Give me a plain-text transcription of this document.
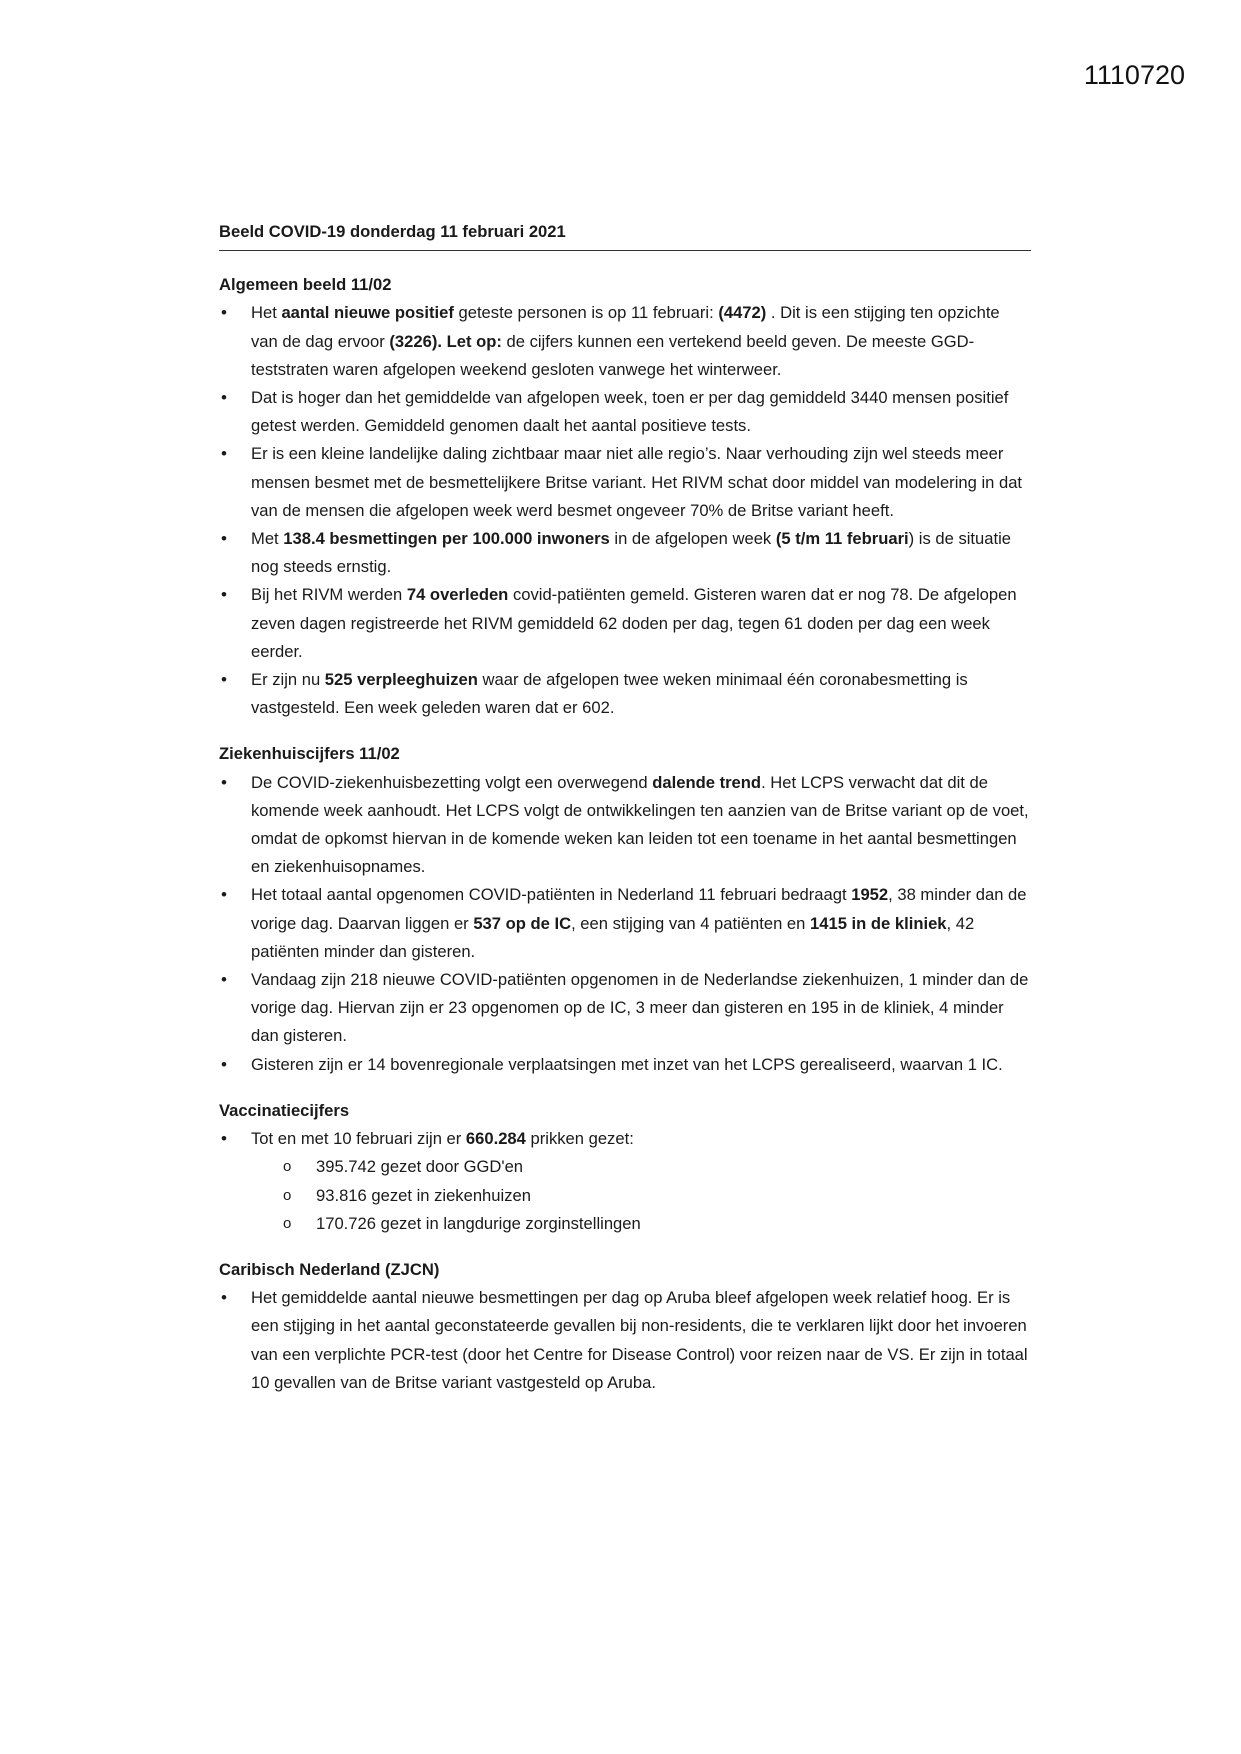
1110720
Beeld COVID-19 donderdag 11 februari 2021
Algemeen beeld 11/02
• Het aantal nieuwe positief geteste personen is op 11 februari: (4472) . Dit is een stijging ten opzichte van de dag ervoor (3226). Let op: de cijfers kunnen een vertekend beeld geven. De meeste GGD-teststraten waren afgelopen weekend gesloten vanwege het winterweer.
• Dat is hoger dan het gemiddelde van afgelopen week, toen er per dag gemiddeld 3440 mensen positief getest werden. Gemiddeld genomen daalt het aantal positieve tests.
• Er is een kleine landelijke daling zichtbaar maar niet alle regio’s. Naar verhouding zijn wel steeds meer mensen besmet met de besmettelijkere Britse variant. Het RIVM schat door middel van modelering in dat van de mensen die afgelopen week werd besmet ongeveer 70% de Britse variant heeft.
• Met 138.4 besmettingen per 100.000 inwoners in de afgelopen week (5 t/m 11 februari) is de situatie nog steeds ernstig.
• Bij het RIVM werden 74 overleden covid-patiënten gemeld. Gisteren waren dat er nog 78. De afgelopen zeven dagen registreerde het RIVM gemiddeld 62 doden per dag, tegen 61 doden per dag een week eerder.
• Er zijn nu 525 verpleeghuizen waar de afgelopen twee weken minimaal één coronabesmetting is vastgesteld. Een week geleden waren dat er 602.
Ziekenhuiscijfers 11/02
• De COVID-ziekenhuisbezetting volgt een overwegend dalende trend. Het LCPS verwacht dat dit de komende week aanhoudt. Het LCPS volgt de ontwikkelingen ten aanzien van de Britse variant op de voet, omdat de opkomst hiervan in de komende weken kan leiden tot een toename in het aantal besmettingen en ziekenhuisopnames.
• Het totaal aantal opgenomen COVID-patiënten in Nederland 11 februari bedraagt 1952, 38 minder dan de vorige dag. Daarvan liggen er 537 op de IC, een stijging van 4 patiënten en 1415 in de kliniek, 42 patiënten minder dan gisteren.
• Vandaag zijn 218 nieuwe COVID-patiënten opgenomen in de Nederlandse ziekenhuizen, 1 minder dan de vorige dag. Hiervan zijn er 23 opgenomen op de IC, 3 meer dan gisteren en 195 in de kliniek, 4 minder dan gisteren.
• Gisteren zijn er 14 bovenregionale verplaatsingen met inzet van het LCPS gerealiseerd, waarvan 1 IC.
Vaccinatiecijfers
• Tot en met 10 februari zijn er 660.284 prikken gezet:
o 395.742 gezet door GGD'en
o 93.816 gezet in ziekenhuizen
o 170.726 gezet in langdurige zorginstellingen
Caribisch Nederland (ZJCN)
• Het gemiddelde aantal nieuwe besmettingen per dag op Aruba bleef afgelopen week relatief hoog. Er is een stijging in het aantal geconstateerde gevallen bij non-residents, die te verklaren lijkt door het invoeren van een verplichte PCR-test (door het Centre for Disease Control) voor reizen naar de VS. Er zijn in totaal 10 gevallen van de Britse variant vastgesteld op Aruba.
